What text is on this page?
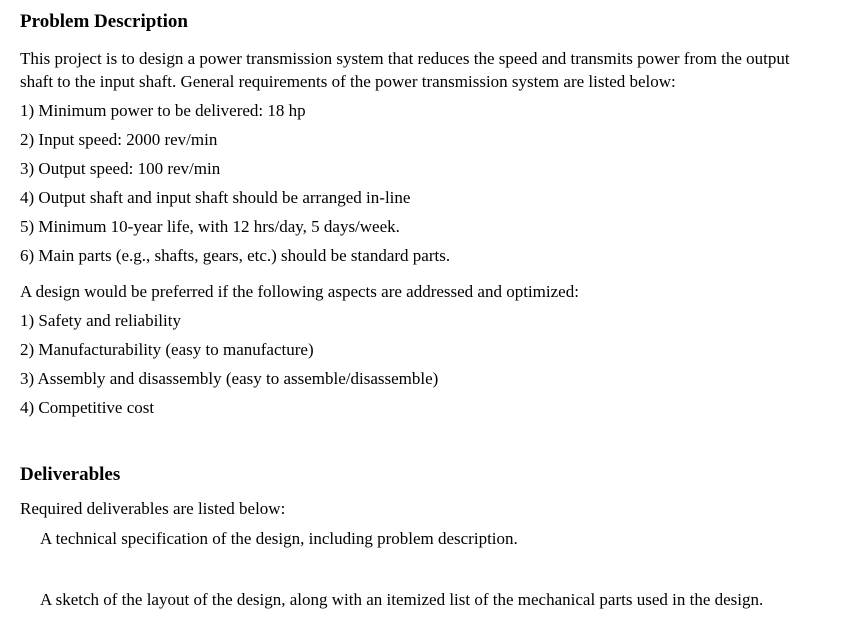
Problem Description
This project is to design a power transmission system that reduces the speed and transmits power from the output shaft to the input shaft. General requirements of the power transmission system are listed below:
1) Minimum power to be delivered: 18 hp
2) Input speed: 2000 rev/min
3) Output speed: 100 rev/min
4) Output shaft and input shaft should be arranged in-line
5) Minimum 10-year life, with 12 hrs/day, 5 days/week.
6) Main parts (e.g., shafts, gears, etc.) should be standard parts.
A design would be preferred if the following aspects are addressed and optimized:
1) Safety and reliability
2) Manufacturability (easy to manufacture)
3) Assembly and disassembly (easy to assemble/disassemble)
4) Competitive cost
Deliverables
Required deliverables are listed below:
A technical specification of the design, including problem description.
A sketch of the layout of the design, along with an itemized list of the mechanical parts used in the design.
